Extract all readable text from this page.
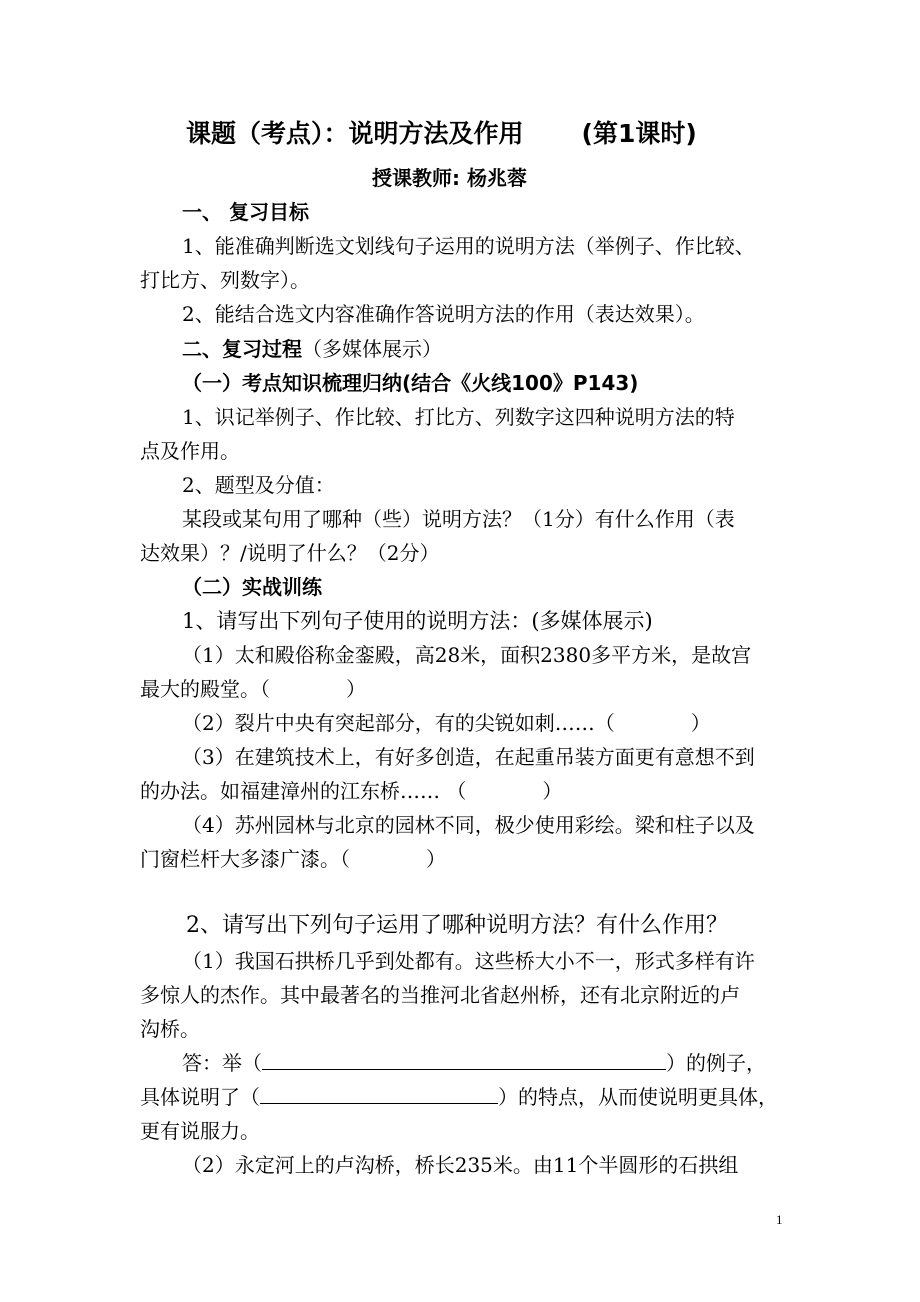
课题（考点）：说明方法及作用 (第1课时)
授课教师: 杨兆蓉
一、 复习目标
1、能准确判断选文划线句子运用的说明方法（举例子、作比较、
打比方、列数字）。
2、能结合选文内容准确作答说明方法的作用（表达效果）。
二、复习过程（多媒体展示）
（一）考点知识梳理归纳(结合《火线100》P143)
1、识记举例子、作比较、打比方、列数字这四种说明方法的特
点及作用。
2、题型及分值：
某段或某句用了哪种（些）说明方法？（1分）有什么作用（表
达效果）？/说明了什么？（2分）
（二）实战训练
1、请写出下列句子使用的说明方法：(多媒体展示)
（1）太和殿俗称金銮殿，高28米，面积2380多平方米，是故宫
最大的殿堂。（	）
（2）裂片中央有突起部分，有的尖锐如刺……（	）
（3）在建筑技术上，有好多创造，在起重吊装方面更有意想不到
的办法。如福建漳州的江东桥…… （	）
（4）苏州园林与北京的园林不同，极少使用彩绘。梁和柱子以及
门窗栏杆大多漆广漆。（	）
2、请写出下列句子运用了哪种说明方法？有什么作用？
（1）我国石拱桥几乎到处都有。这些桥大小不一，形式多样有许
多惊人的杰作。其中最著名的当推河北省赵州桥，还有北京附近的卢
沟桥。
答：举（	）的例子，
具体说明了（	）的特点，从而使说明更具体，
更有说服力。
（2）永定河上的卢沟桥，桥长235米。由11个半圆形的石拱组
1
